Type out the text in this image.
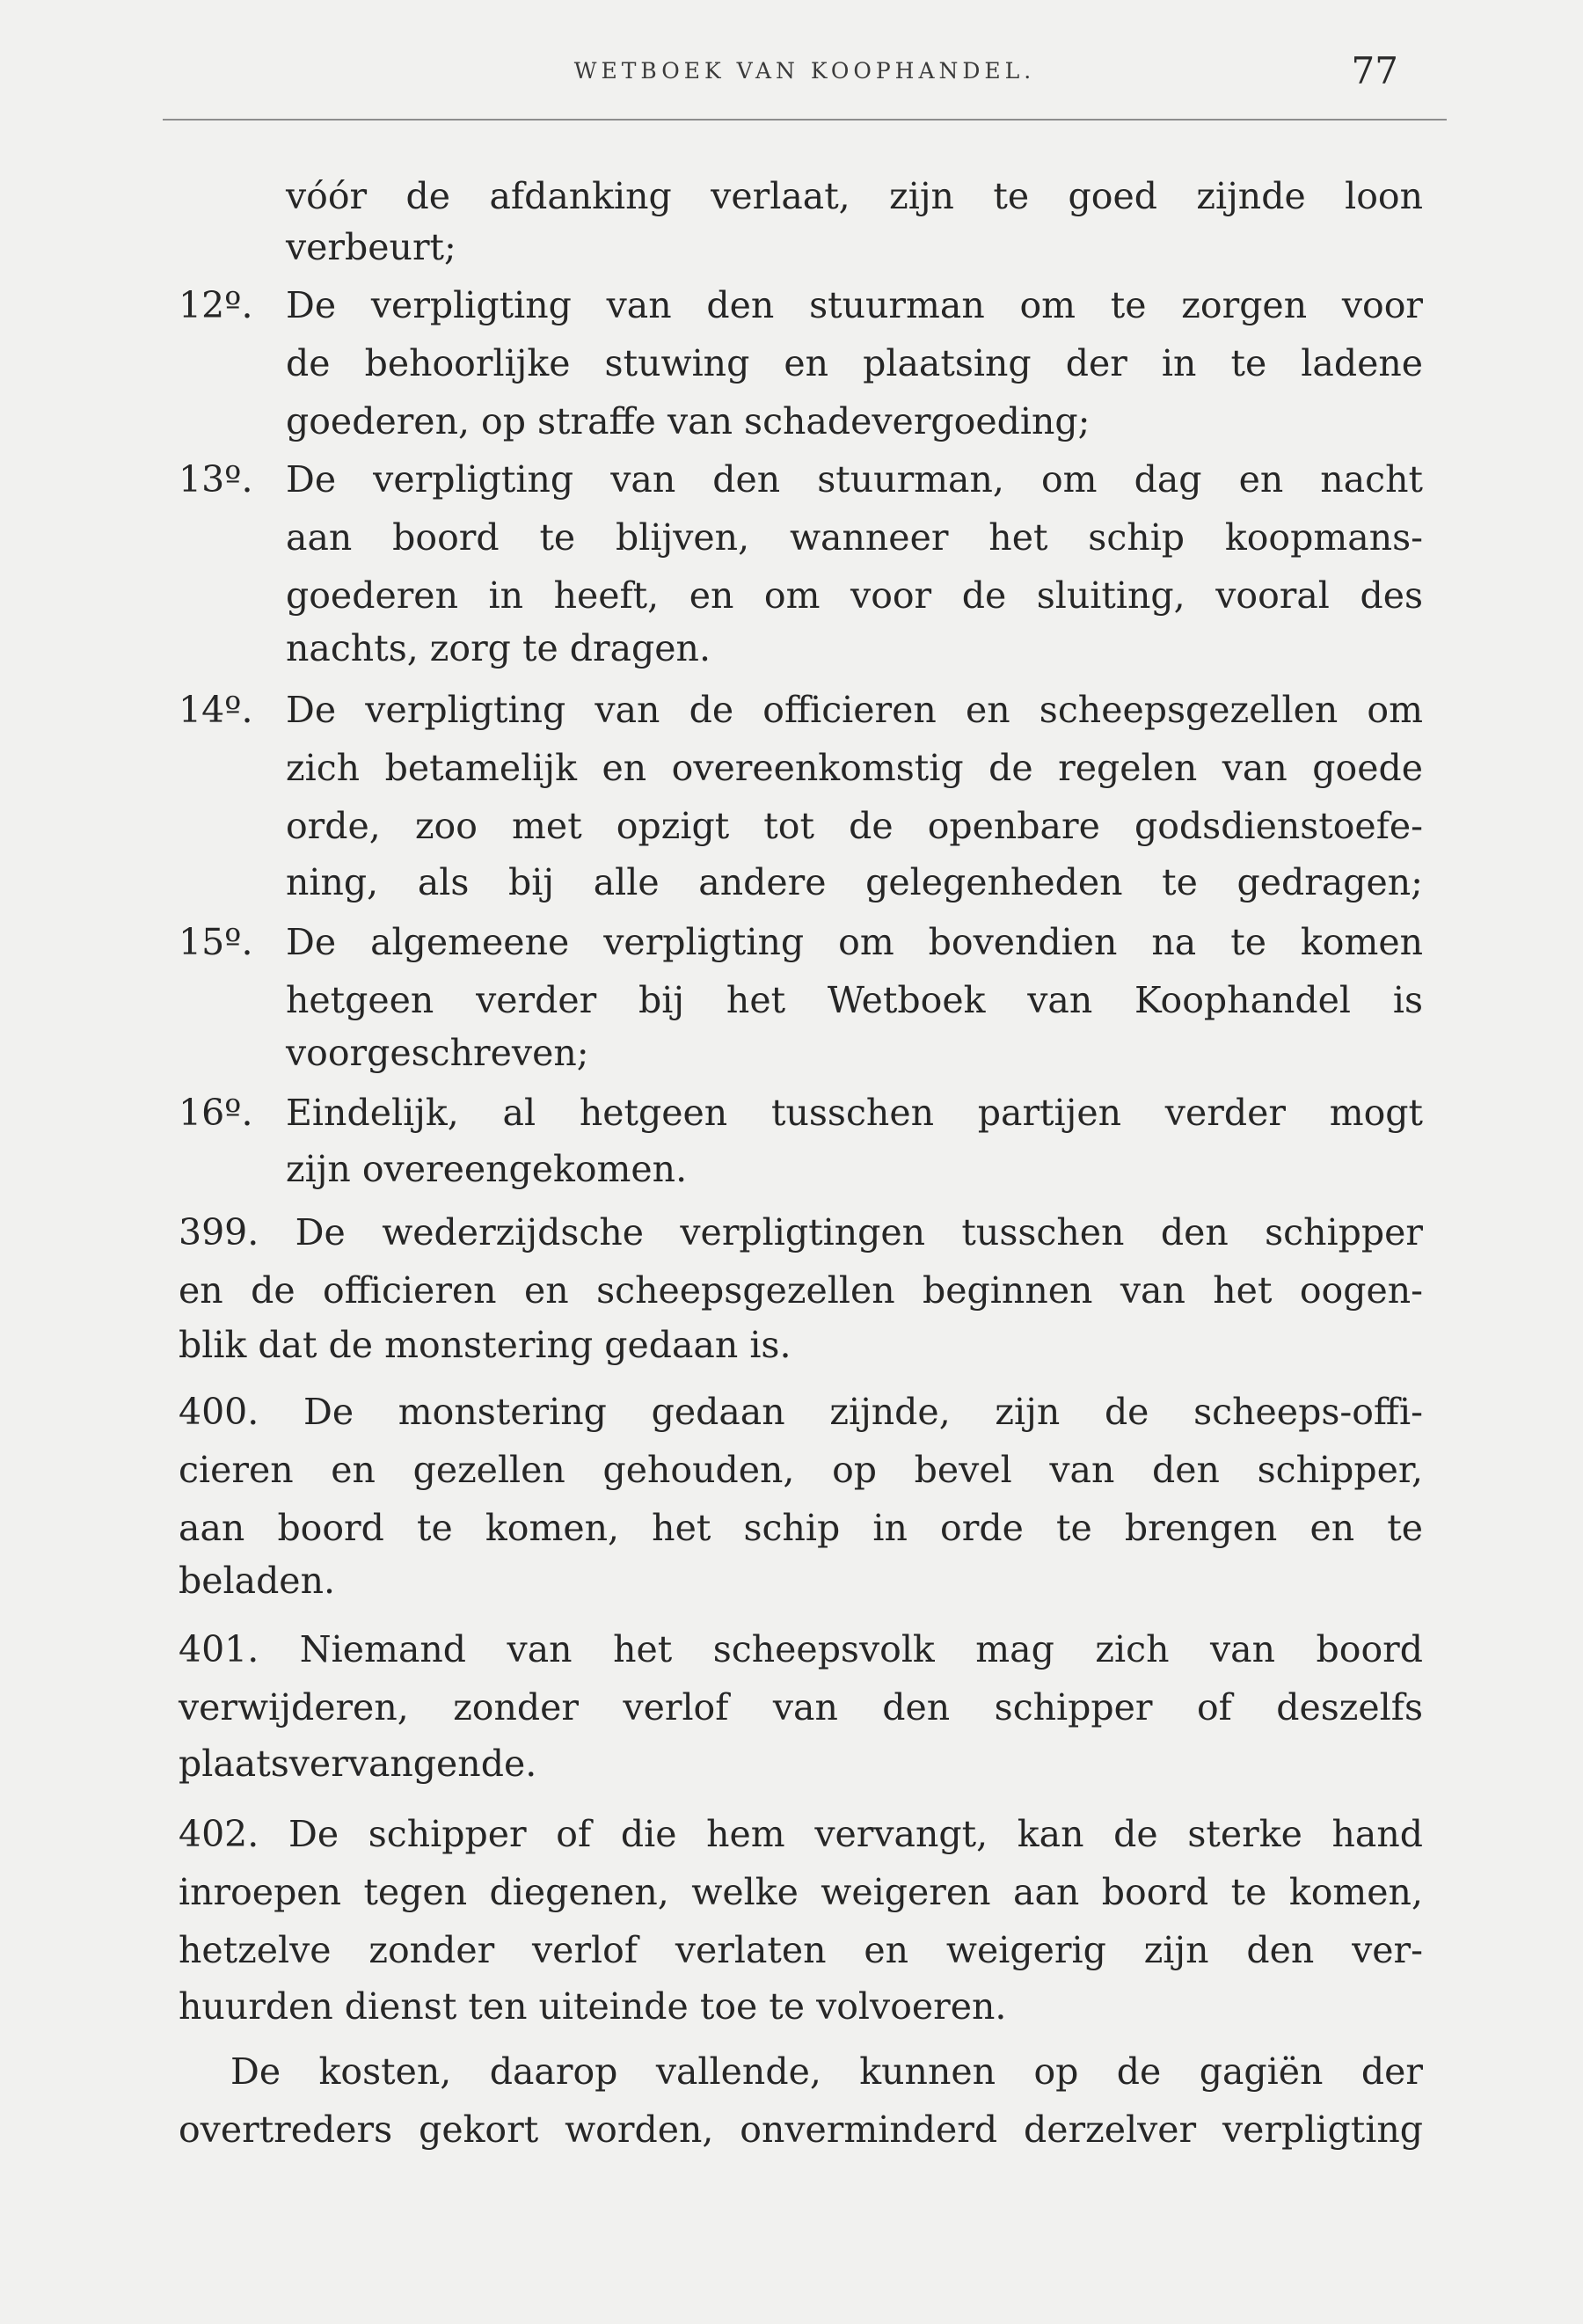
WETBOEK VAN KOOPHANDEL.	77
vóór de afdanking verlaat, zijn te goed zijnde loon
verbeurt;
12º. De verpligting van den stuurman om te zorgen voor
de behoorlijke stuwing en plaatsing der in te ladene
goederen, op straffe van schadevergoeding;
13º. De verpligting van den stuurman, om dag en nacht
aan boord te blijven, wanneer het schip koopmans-
goederen in heeft, en om voor de sluiting, vooral des
nachts, zorg te dragen.
14º. De verpligting van de officieren en scheepsgezellen om
zich betamelijk en overeenkomstig de regelen van goede
orde, zoo met opzigt tot de openbare godsdienstoefe-
ning, als bij alle andere gelegenheden te gedragen;
15º. De algemeene verpligting om bovendien na te komen
hetgeen verder bij het Wetboek van Koophandel is
voorgeschreven;
16º. Eindelijk, al hetgeen tusschen partijen verder mogt
zijn overeengekomen.
399. De wederzijdsche verpligtingen tusschen den schipper
en de officieren en scheepsgezellen beginnen van het oogen-
blik dat de monstering gedaan is.
400. De monstering gedaan zijnde, zijn de scheeps-offi-
cieren en gezellen gehouden, op bevel van den schipper,
aan boord te komen, het schip in orde te brengen en te
beladen.
401. Niemand van het scheepsvolk mag zich van boord
verwijderen, zonder verlof van den schipper of deszelfs
plaatsvervangende.
402. De schipper of die hem vervangt, kan de sterke hand
inroepen tegen diegenen, welke weigeren aan boord te komen,
hetzelve zonder verlof verlaten en weigerig zijn den ver-
huurden dienst ten uiteinde toe te volvoeren.
De kosten, daarop vallende, kunnen op de gagiën der
overtreders gekort worden, onverminderd derzelver verpligting
